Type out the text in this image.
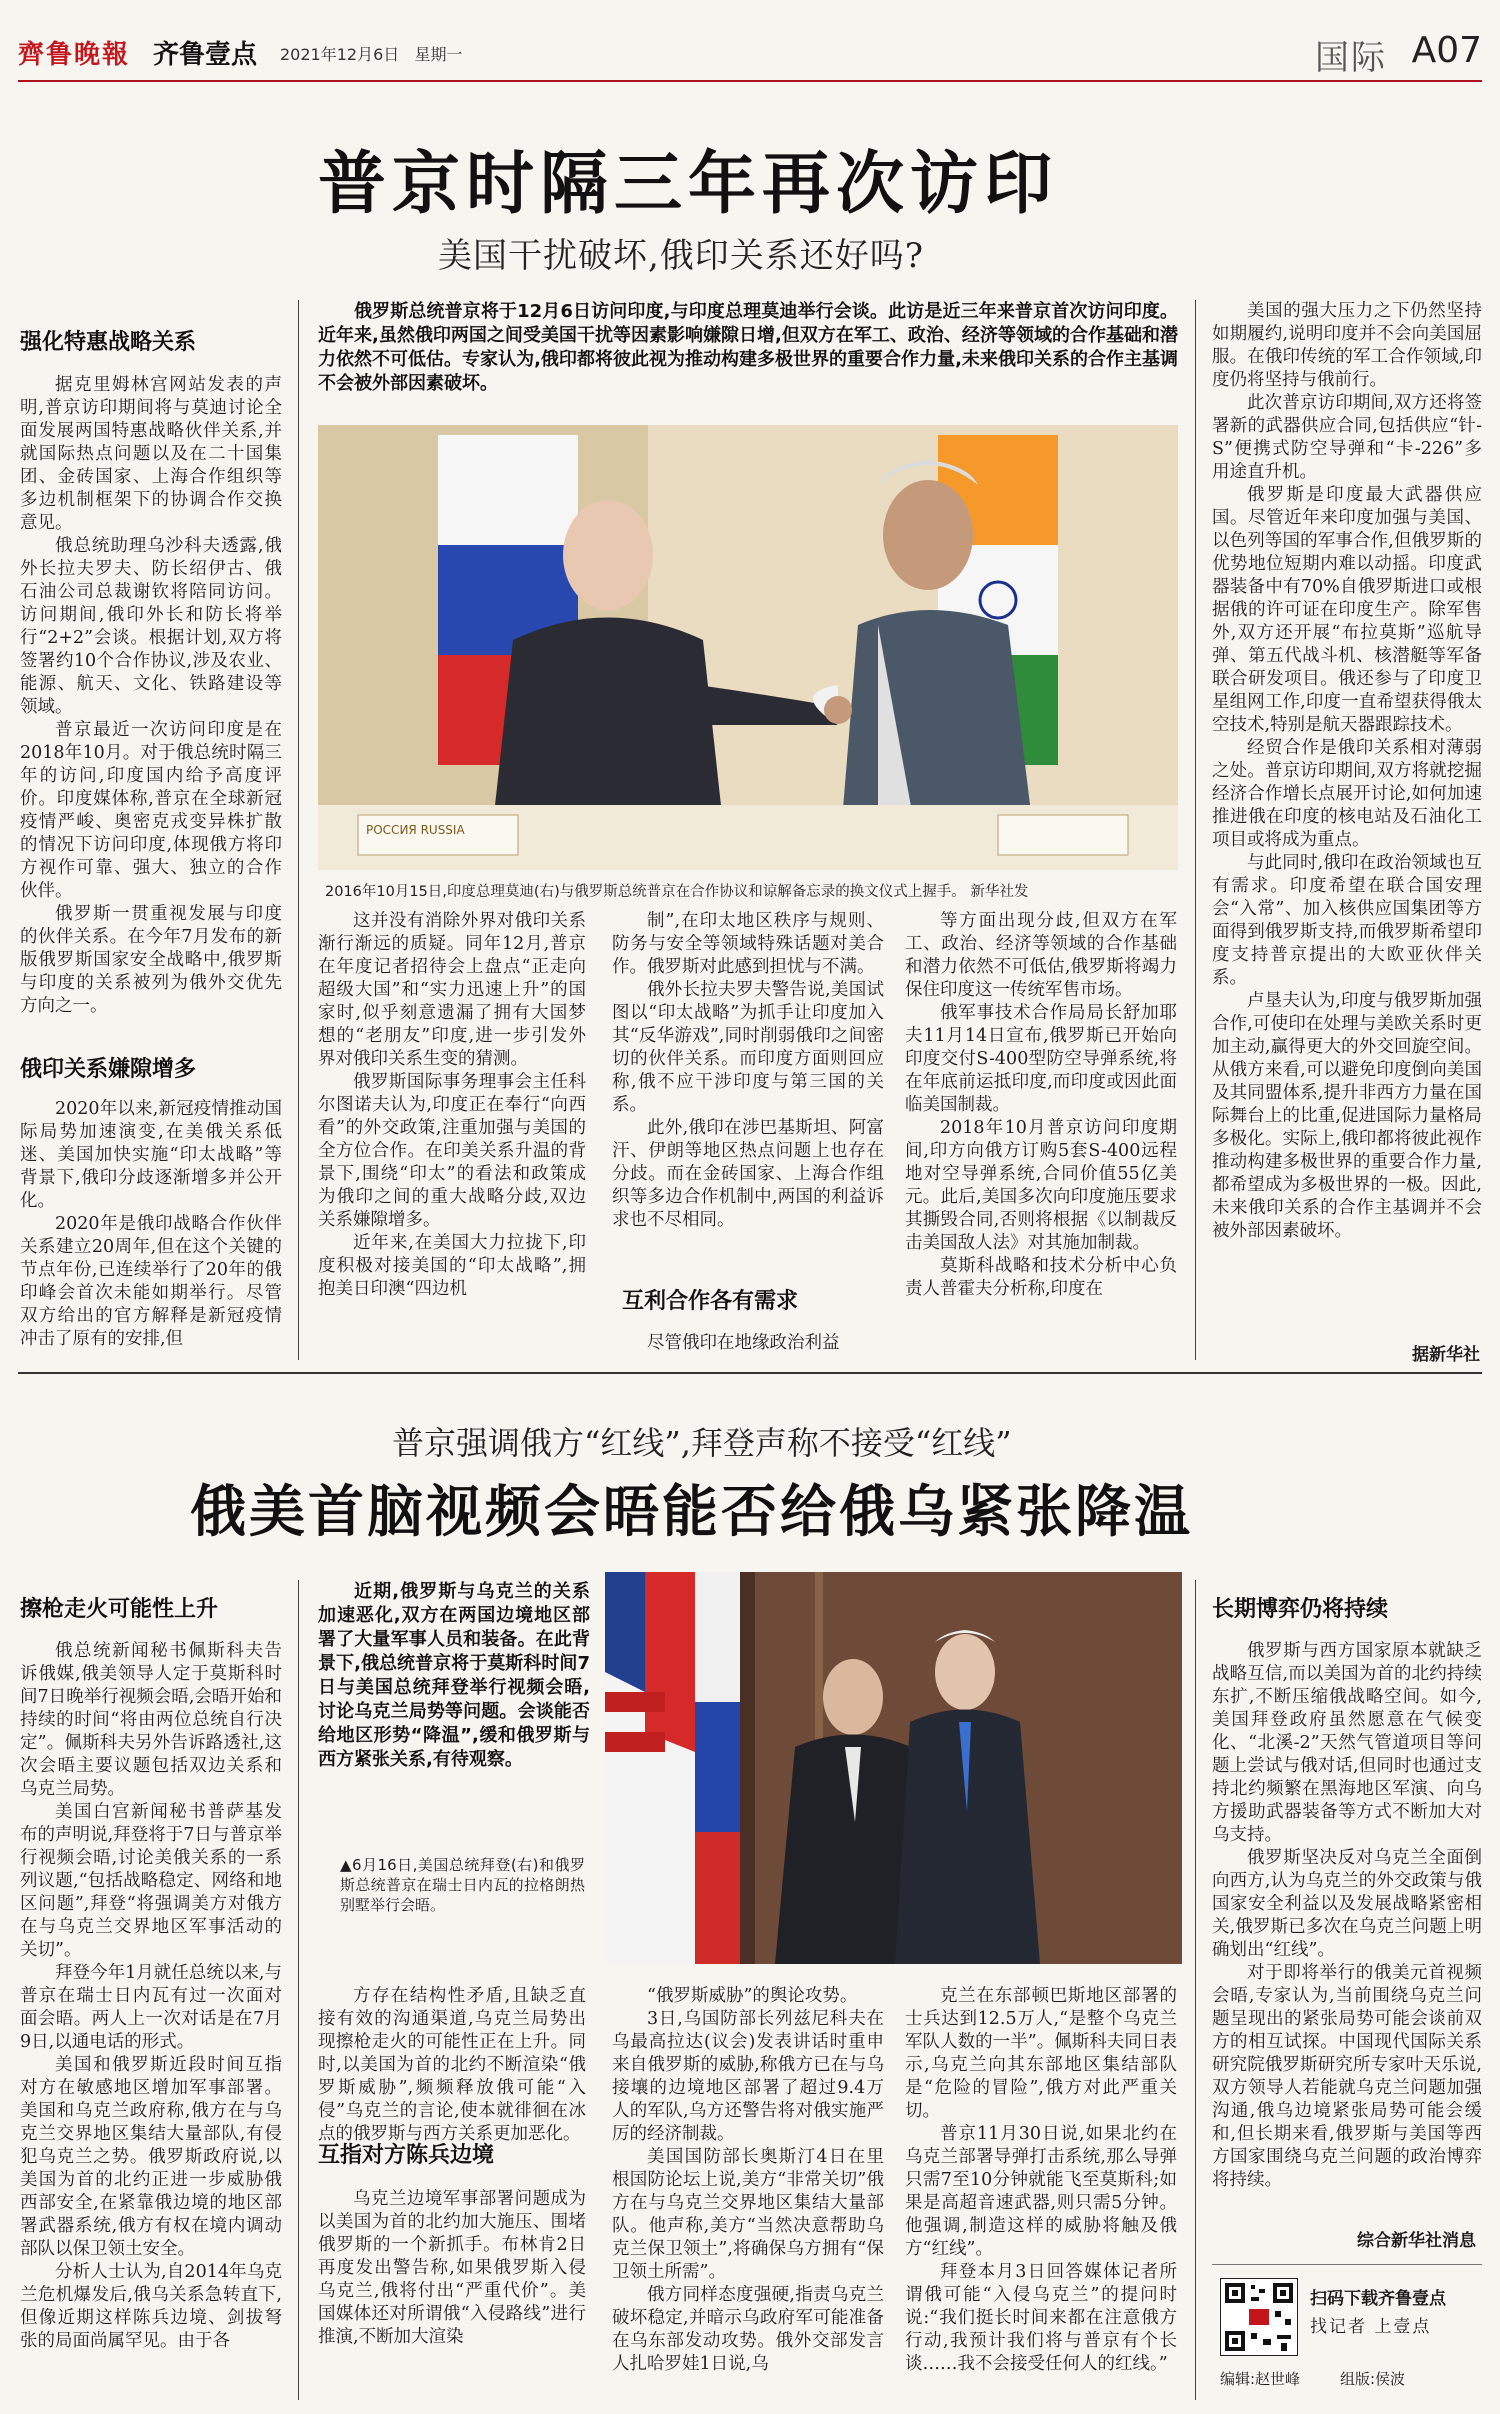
齊鲁晚報 齐鲁壹点 2021年12月6日 星期一	国际 A07
普京时隔三年再次访印
美国干扰破坏,俄印关系还好吗?
强化特惠战略关系

据克里姆林宫网站发表的声明,普京访印期间将与莫迪讨论全面发展两国特惠战略伙伴关系,并就国际热点问题以及在二十国集团、金砖国家、上海合作组织等多边机制框架下的协调合作交换意见。

俄总统助理乌沙科夫透露,俄外长拉夫罗夫、防长绍伊古、俄石油公司总裁谢钦将陪同访问。访问期间,俄印外长和防长将举行“2+2”会谈。根据计划,双方将签署约10个合作协议,涉及农业、能源、航天、文化、铁路建设等领域。

普京最近一次访问印度是在2018年10月。对于俄总统时隔三年的访问,印度国内给予高度评价。印度媒体称,普京在全球新冠疫情严峻、奥密克戎变异株扩散的情况下访问印度,体现俄方将印方视作可靠、强大、独立的合作伙伴。

俄罗斯一贯重视发展与印度的伙伴关系。在今年7月发布的新版俄罗斯国家安全战略中,俄罗斯与印度的关系被列为俄外交优先方向之一。

俄印关系嫌隙增多

2020年以来,新冠疫情推动国际局势加速演变,在美俄关系低迷、美国加快实施“印太战略”等背景下,俄印分歧逐渐增多并公开化。

2020年是俄印战略合作伙伴关系建立20周年,但在这个关键的节点年份,已连续举行了20年的俄印峰会首次未能如期举行。尽管双方给出的官方解释是新冠疫情冲击了原有的安排,但

俄罗斯总统普京将于12月6日访问印度,与印度总理莫迪举行会谈。此访是近三年来普京首次访问印度。近年来,虽然俄印两国之间受美国干扰等因素影响嫌隙日增,但双方在军工、政治、经济等领域的合作基础和潜力依然不可低估。专家认为,俄印都将彼此视为推动构建多极世界的重要合作力量,未来俄印关系的合作主基调不会被外部因素破坏。

РОССИЯ RUSSIA
2016年10月15日,印度总理莫迪(右)与俄罗斯总统普京在合作协议和谅解备忘录的换文仪式上握手。 新华社发

这并没有消除外界对俄印关系渐行渐远的质疑。同年12月,普京在年度记者招待会上盘点“正走向超级大国”和“实力迅速上升”的国家时,似乎刻意遗漏了拥有大国梦想的“老朋友”印度,进一步引发外界对俄印关系生变的猜测。

俄罗斯国际事务理事会主任科尔图诺夫认为,印度正在奉行“向西看”的外交政策,注重加强与美国的全方位合作。在印美关系升温的背景下,围绕“印太”的看法和政策成为俄印之间的重大战略分歧,双边关系嫌隙增多。

近年来,在美国大力拉拢下,印度积极对接美国的“印太战略”,拥抱美日印澳“四边机

制”,在印太地区秩序与规则、防务与安全等领域特殊话题对美合作。俄罗斯对此感到担忧与不满。

俄外长拉夫罗夫警告说,美国试图以“印太战略”为抓手让印度加入其“反华游戏”,同时削弱俄印之间密切的伙伴关系。而印度方面则回应称,俄不应干涉印度与第三国的关系。

此外,俄印在涉巴基斯坦、阿富汗、伊朗等地区热点问题上也存在分歧。而在金砖国家、上海合作组织等多边合作机制中,两国的利益诉求也不尽相同。

互利合作各有需求

尽管俄印在地缘政治利益

等方面出现分歧,但双方在军工、政治、经济等领域的合作基础和潜力依然不可低估,俄罗斯将竭力保住印度这一传统军售市场。

俄军事技术合作局局长舒加耶夫11月14日宣布,俄罗斯已开始向印度交付S-400型防空导弹系统,将在年底前运抵印度,而印度或因此面临美国制裁。

2018年10月普京访问印度期间,印方向俄方订购5套S-400远程地对空导弹系统,合同价值55亿美元。此后,美国多次向印度施压要求其撕毁合同,否则将根据《以制裁反击美国敌人法》对其施加制裁。

莫斯科战略和技术分析中心负责人普霍夫分析称,印度在

美国的强大压力之下仍然坚持如期履约,说明印度并不会向美国屈服。在俄印传统的军工合作领域,印度仍将坚持与俄前行。

此次普京访印期间,双方还将签署新的武器供应合同,包括供应“针-S”便携式防空导弹和“卡-226”多用途直升机。

俄罗斯是印度最大武器供应国。尽管近年来印度加强与美国、以色列等国的军事合作,但俄罗斯的优势地位短期内难以动摇。印度武器装备中有70%自俄罗斯进口或根据俄的许可证在印度生产。除军售外,双方还开展“布拉莫斯”巡航导弹、第五代战斗机、核潜艇等军备联合研发项目。俄还参与了印度卫星组网工作,印度一直希望获得俄太空技术,特别是航天器跟踪技术。

经贸合作是俄印关系相对薄弱之处。普京访印期间,双方将就挖掘经济合作增长点展开讨论,如何加速推进俄在印度的核电站及石油化工项目或将成为重点。

与此同时,俄印在政治领域也互有需求。印度希望在联合国安理会“入常”、加入核供应国集团等方面得到俄罗斯支持,而俄罗斯希望印度支持普京提出的大欧亚伙伴关系。

卢垦夫认为,印度与俄罗斯加强合作,可使印在处理与美欧关系时更加主动,赢得更大的外交回旋空间。从俄方来看,可以避免印度倒向美国及其同盟体系,提升非西方力量在国际舞台上的比重,促进国际力量格局多极化。实际上,俄印都将彼此视作推动构建多极世界的重要合作力量,都希望成为多极世界的一极。因此,未来俄印关系的合作主基调并不会被外部因素破坏。

据新华社
普京强调俄方“红线”,拜登声称不接受“红线”
俄美首脑视频会晤能否给俄乌紧张降温
擦枪走火可能性上升

俄总统新闻秘书佩斯科夫告诉俄媒,俄美领导人定于莫斯科时间7日晚举行视频会晤,会晤开始和持续的时间“将由两位总统自行决定”。佩斯科夫另外告诉路透社,这次会晤主要议题包括双边关系和乌克兰局势。

美国白宫新闻秘书普萨基发布的声明说,拜登将于7日与普京举行视频会晤,讨论美俄关系的一系列议题,“包括战略稳定、网络和地区问题”,拜登“将强调美方对俄方在与乌克兰交界地区军事活动的关切”。

拜登今年1月就任总统以来,与普京在瑞士日内瓦有过一次面对面会晤。两人上一次对话是在7月9日,以通电话的形式。

美国和俄罗斯近段时间互指对方在敏感地区增加军事部署。美国和乌克兰政府称,俄方在与乌克兰交界地区集结大量部队,有侵犯乌克兰之势。俄罗斯政府说,以美国为首的北约正进一步威胁俄西部安全,在紧靠俄边境的地区部署武器系统,俄方有权在境内调动部队以保卫领土安全。

分析人士认为,自2014年乌克兰危机爆发后,俄乌关系急转直下,但像近期这样陈兵边境、剑拔弩张的局面尚属罕见。由于各

近期,俄罗斯与乌克兰的关系加速恶化,双方在两国边境地区部署了大量军事人员和装备。在此背景下,俄总统普京将于莫斯科时间7日与美国总统拜登举行视频会晤,讨论乌克兰局势等问题。会谈能否给地区形势“降温”,缓和俄罗斯与西方紧张关系,有待观察。

▲6月16日,美国总统拜登(右)和俄罗斯总统普京在瑞士日内瓦的拉格朗热别墅举行会晤。

方存在结构性矛盾,且缺乏直接有效的沟通渠道,乌克兰局势出现擦枪走火的可能性正在上升。同时,以美国为首的北约不断渲染“俄罗斯威胁”,频频释放俄可能“入侵”乌克兰的言论,使本就徘徊在冰点的俄罗斯与西方关系更加恶化。

互指对方陈兵边境

乌克兰边境军事部署问题成为以美国为首的北约加大施压、围堵俄罗斯的一个新抓手。布林肯2日再度发出警告称,如果俄罗斯入侵乌克兰,俄将付出“严重代价”。美国媒体还对所谓俄“入侵路线”进行推演,不断加大渲染

“俄罗斯威胁”的舆论攻势。

3日,乌国防部长列兹尼科夫在乌最高拉达(议会)发表讲话时重申来自俄罗斯的威胁,称俄方已在与乌接壤的边境地区部署了超过9.4万人的军队,乌方还警告将对俄实施严厉的经济制裁。

美国国防部长奥斯汀4日在里根国防论坛上说,美方“非常关切”俄方在与乌克兰交界地区集结大量部队。他声称,美方“当然决意帮助乌克兰保卫领土”,将确保乌方拥有“保卫领土所需”。

俄方同样态度强硬,指责乌克兰破坏稳定,并暗示乌政府军可能准备在乌东部发动攻势。俄外交部发言人扎哈罗娃1日说,乌

克兰在东部顿巴斯地区部署的士兵达到12.5万人,“是整个乌克兰军队人数的一半”。佩斯科夫同日表示,乌克兰向其东部地区集结部队是“危险的冒险”,俄方对此严重关切。

普京11月30日说,如果北约在乌克兰部署导弹打击系统,那么导弹只需7至10分钟就能飞至莫斯科;如果是高超音速武器,则只需5分钟。他强调,制造这样的威胁将触及俄方“红线”。

拜登本月3日回答媒体记者所谓俄可能“入侵乌克兰”的提问时说:“我们挺长时间来都在注意俄方行动,我预计我们将与普京有个长谈……我不会接受任何人的红线。”

长期博弈仍将持续

俄罗斯与西方国家原本就缺乏战略互信,而以美国为首的北约持续东扩,不断压缩俄战略空间。如今,美国拜登政府虽然愿意在气候变化、“北溪-2”天然气管道项目等问题上尝试与俄对话,但同时也通过支持北约频繁在黑海地区军演、向乌方援助武器装备等方式不断加大对乌支持。

俄罗斯坚决反对乌克兰全面倒向西方,认为乌克兰的外交政策与俄国家安全利益以及发展战略紧密相关,俄罗斯已多次在乌克兰问题上明确划出“红线”。

对于即将举行的俄美元首视频会晤,专家认为,当前围绕乌克兰问题呈现出的紧张局势可能会谈前双方的相互试探。中国现代国际关系研究院俄罗斯研究所专家叶天乐说,双方领导人若能就乌克兰问题加强沟通,俄乌边境紧张局势可能会缓和,但长期来看,俄罗斯与美国等西方国家围绕乌克兰问题的政治博弈将持续。

综合新华社消息
扫码下载齐鲁壹点
找记者 上壹点
编辑:赵世峰	组版:侯波
